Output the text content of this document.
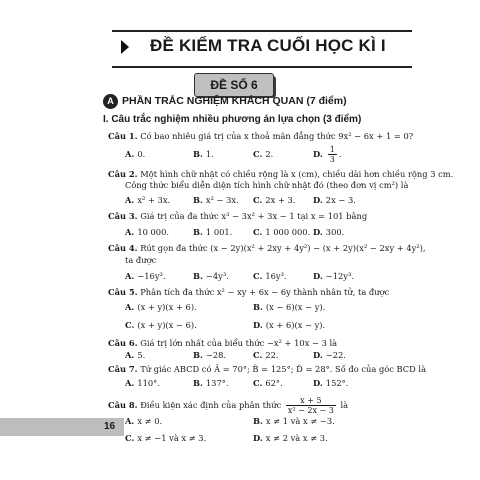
ĐỀ KIỂM TRA CUỐI HỌC KÌ I
ĐỀ SỐ 6
A PHẦN TRẮC NGHIỆM KHÁCH QUAN (7 điểm)
I. Câu trắc nghiệm nhiều phương án lựa chọn (3 điểm)
Câu 1. Có bao nhiêu giá trị của x thoả mãn đẳng thức 9x² − 6x + 1 = 0?
A. 0.	B. 1.	C. 2.	D. $\frac{1}{3}$ .
Câu 2. Một hình chữ nhật có chiều rộng là x (cm), chiều dài hơn chiều rộng 3 cm.
Công thức biểu diễn diện tích hình chữ nhật đó (theo đơn vị cm²) là
A. x² + 3x.	B. x² − 3x. C. 2x + 3. D. 2x − 3.
Câu 3. Giá trị của đa thức x³ − 3x² + 3x − 1 tại x = 101 bằng
A. 10 000.	B. 1 001. C. 1 000 000. D. 300.
Câu 4. Rút gọn đa thức (x − 2y)(x² + 2xy + 4y²) − (x + 2y)(x² − 2xy + 4y²),
ta được
A. −16y³.	B. −4y³.	C. 16y³.	D. −12y³.
Câu 5. Phân tích đa thức x² − xy + 6x − 6y thành nhân tử, ta được
A. (x + y)(x + 6).	B. (x − 6)(x − y).
C. (x + y)(x − 6).	D. (x + 6)(x − y).
Câu 6. Giá trị lớn nhất của biểu thức −x² + 10x − 3 là
A. 5.	B. −28.	C. 22.	D. −22.
Câu 7. Tứ giác ABCD có Â = 70°; B̂ = 125°; D̂ = 28°. Số đo của góc BCD là
A. 110°.	B. 137°.	C. 62°.	D. 152°.
Câu 8. Điều kiện xác định của phân thức $\frac{x + 5}{\text{x² − 2x − 3}}$ là
A. x ≠ 0.	B. x ≠ 1 và x ≠ −3.
C. x ≠ −1 và x ≠ 3.	D. x ≠ 2 và x ≠ 3.
16
